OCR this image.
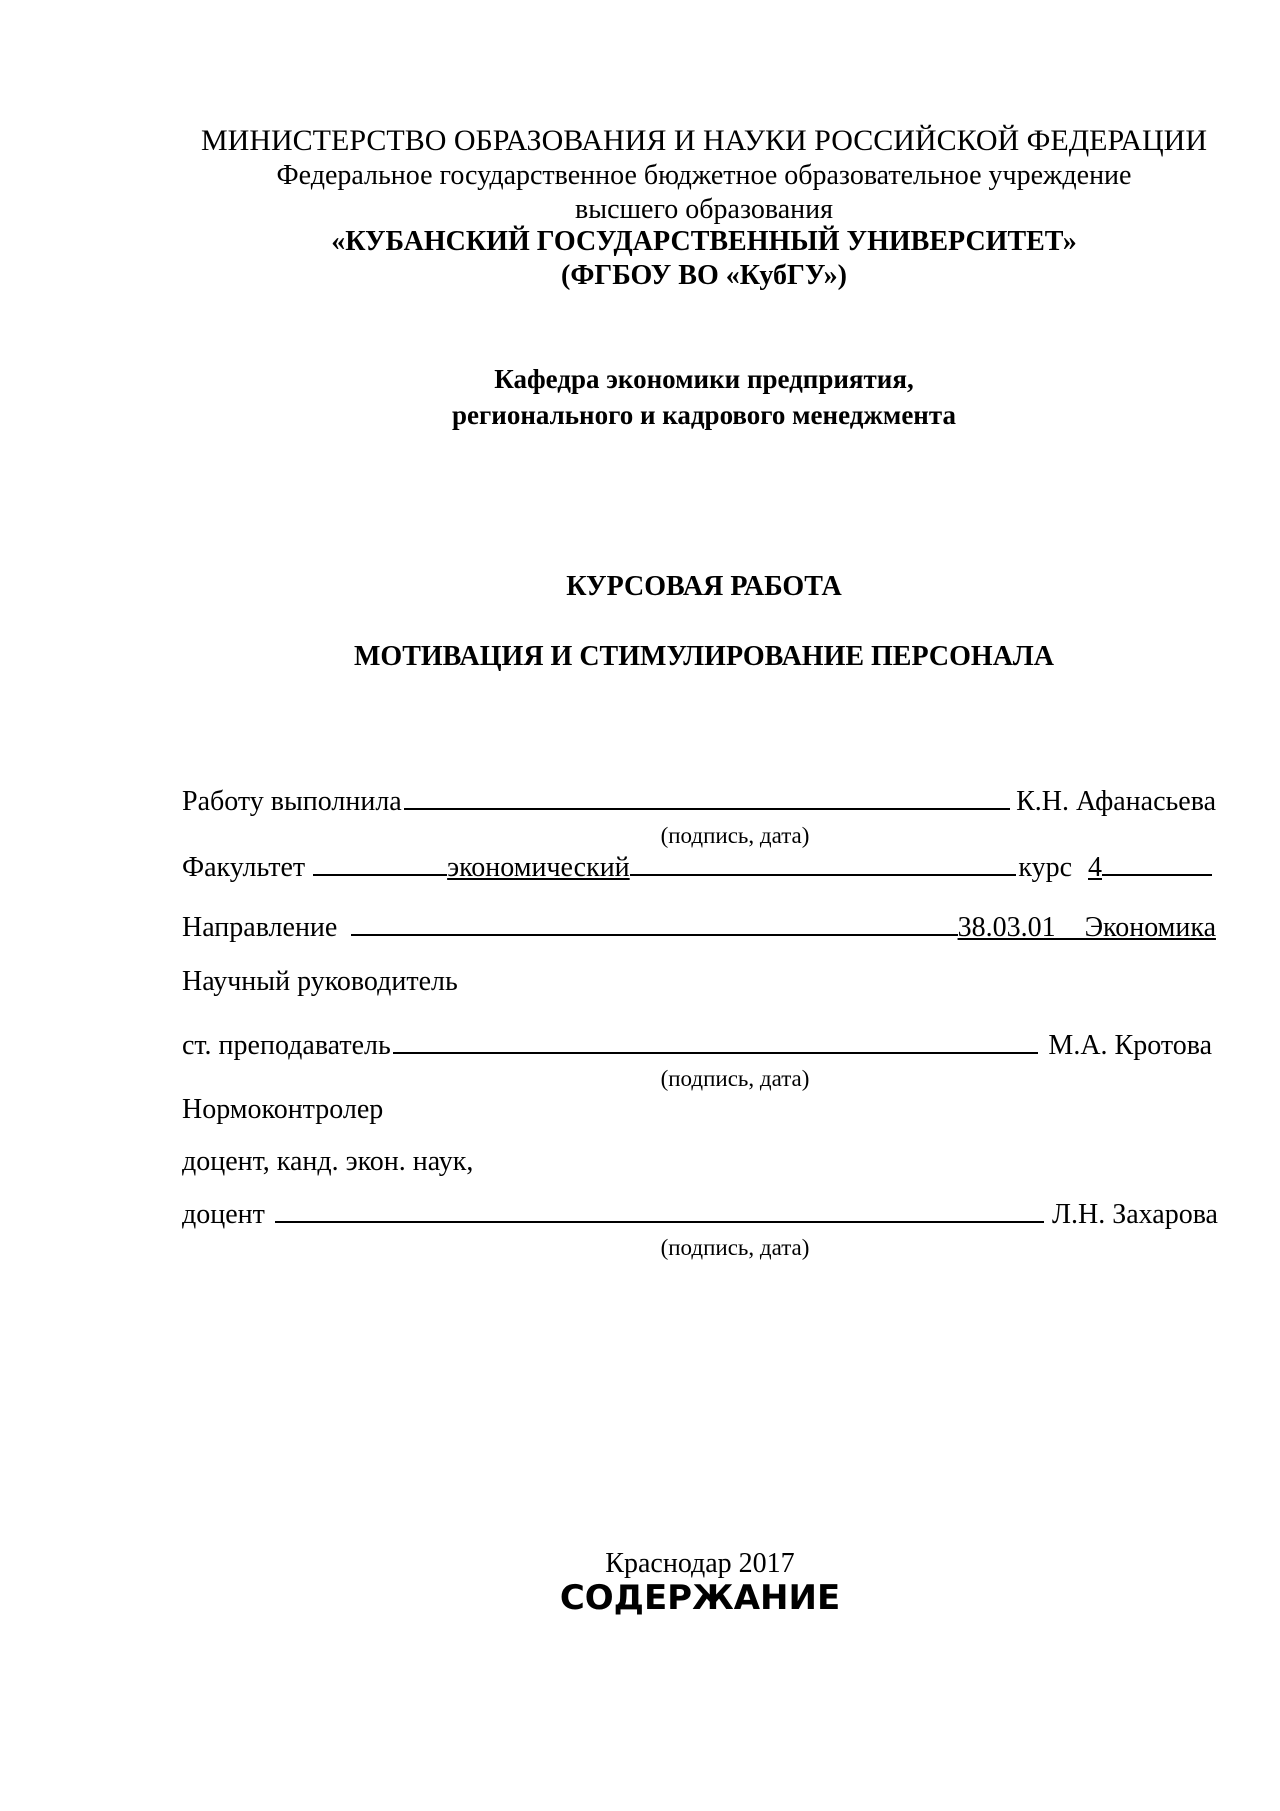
МИНИСТЕРСТВО ОБРАЗОВАНИЯ И НАУКИ РОССИЙСКОЙ ФЕДЕРАЦИИ
Федеральное государственное бюджетное образовательное учреждение
высшего образования
«КУБАНСКИЙ ГОСУДАРСТВЕННЫЙ УНИВЕРСИТЕТ»
(ФГБОУ ВО «КубГУ»)
Кафедра экономики предприятия,
регионального и кадрового менеджмента
КУРСОВАЯ РАБОТА
МОТИВАЦИЯ И СТИМУЛИРОВАНИЕ ПЕРСОНАЛА
Работу выполнила	К.Н. Афанасьева
(подпись, дата)
Факультет	экономический	курс 4
Направление	38.03.01 Экономика
Научный руководитель
ст. преподаватель	М.А. Кротова
(подпись, дата)
Нормоконтролер
доцент, канд. экон. наук,
доцент	Л.Н. Захарова
(подпись, дата)
Краснодар 2017
СОДЕРЖАНИЕ
